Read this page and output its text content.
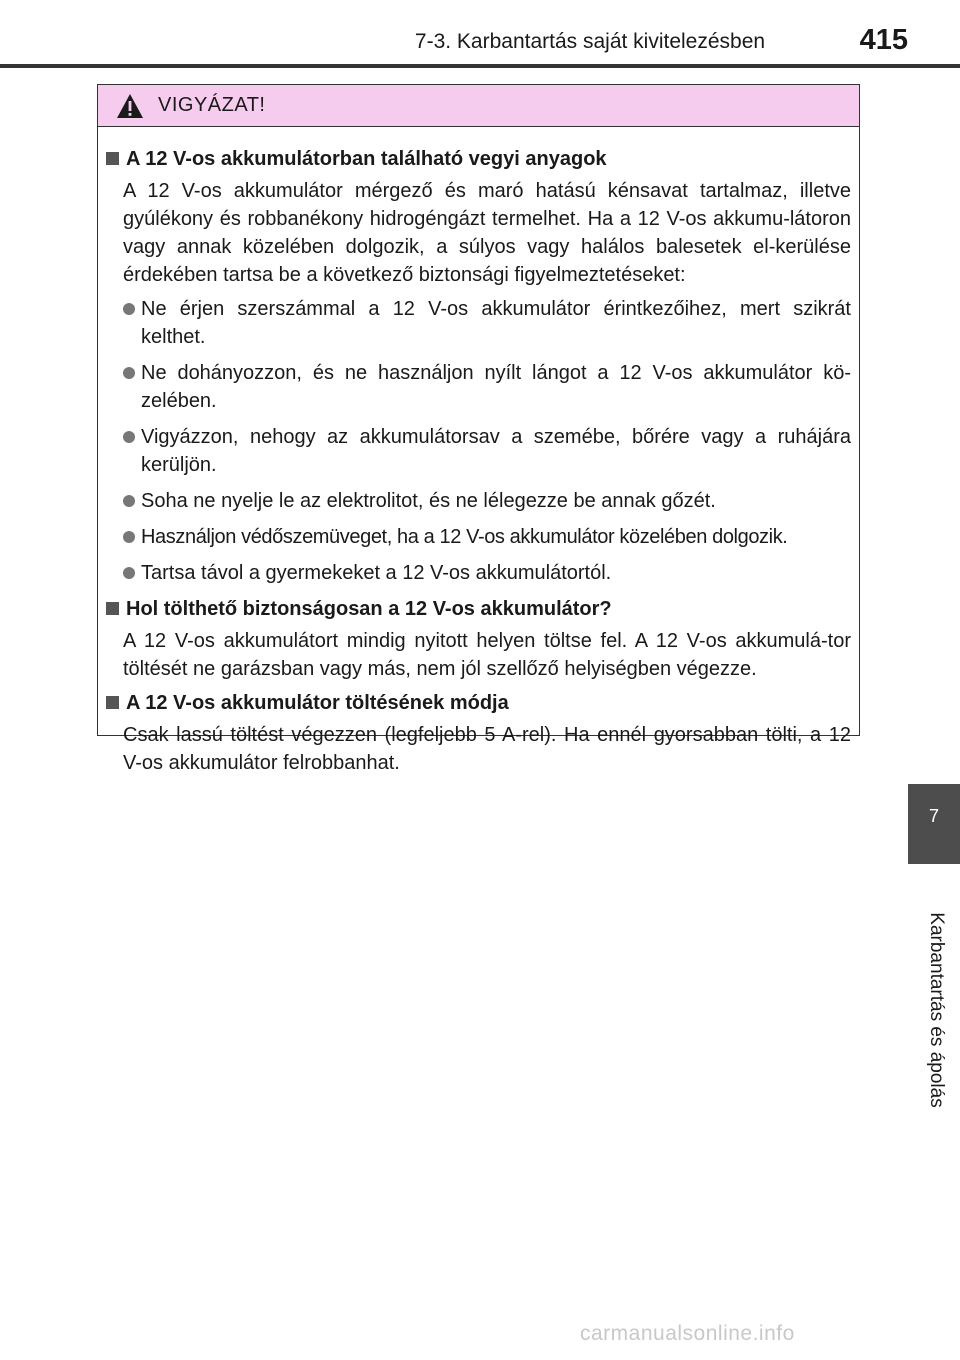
7-3. Karbantartás saját kivitelezésben	415
VIGYÁZAT!
A 12 V-os akkumulátorban található vegyi anyagok
A 12 V-os akkumulátor mérgező és maró hatású kénsavat tartalmaz, illetve gyúlékony és robbanékony hidrogéngázt termelhet. Ha a 12 V-os akkumu-látoron vagy annak közelében dolgozik, a súlyos vagy halálos balesetek el-kerülése érdekében tartsa be a következő biztonsági figyelmeztetéseket:
Ne érjen szerszámmal a 12 V-os akkumulátor érintkezőihez, mert szikrát kelthet.
Ne dohányozzon, és ne használjon nyílt lángot a 12 V-os akkumulátor kö-zelében.
Vigyázzon, nehogy az akkumulátorsav a szemébe, bőrére vagy a ruhájára kerüljön.
Soha ne nyelje le az elektrolitot, és ne lélegezze be annak gőzét.
Használjon védőszemüveget, ha a 12 V-os akkumulátor közelében dolgozik.
Tartsa távol a gyermekeket a 12 V-os akkumulátortól.
Hol tölthető biztonságosan a 12 V-os akkumulátor?
A 12 V-os akkumulátort mindig nyitott helyen töltse fel. A 12 V-os akkumulá-tor töltését ne garázsban vagy más, nem jól szellőző helyiségben végezze.
A 12 V-os akkumulátor töltésének módja
Csak lassú töltést végezzen (legfeljebb 5 A-rel). Ha ennél gyorsabban tölti, a 12 V-os akkumulátor felrobbanhat.
7
Karbantartás és ápolás
carmanualsonline.info
